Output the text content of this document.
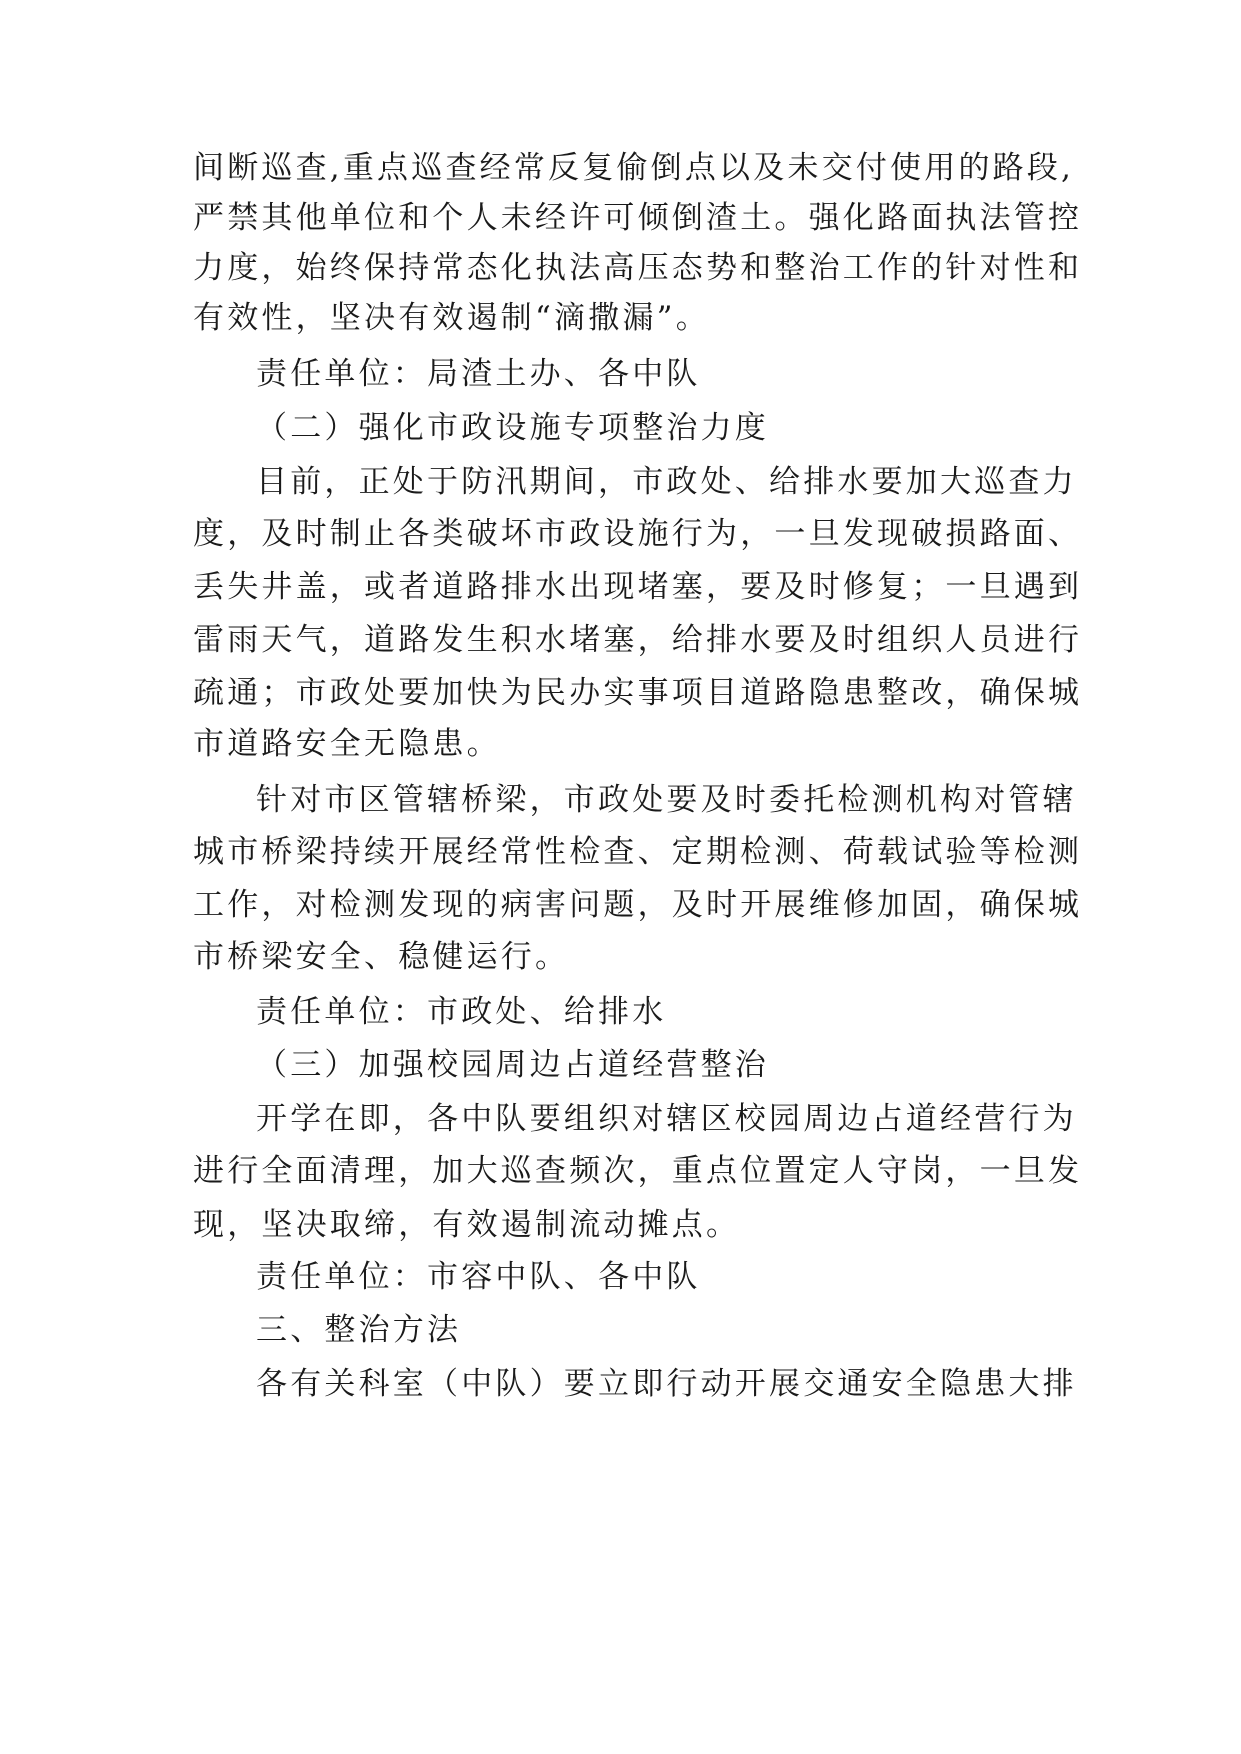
间断巡查,重点巡查经常反复偷倒点以及未交付使用的路段,
严禁其他单位和个人未经许可倾倒渣土。强化路面执法管控
力度，始终保持常态化执法高压态势和整治工作的针对性和
有效性，坚决有效遏制“滴撒漏”。
责任单位：局渣土办、各中队
（二）强化市政设施专项整治力度
目前，正处于防汛期间，市政处、给排水要加大巡查力
度，及时制止各类破坏市政设施行为，一旦发现破损路面、
丢失井盖，或者道路排水出现堵塞，要及时修复；一旦遇到
雷雨天气，道路发生积水堵塞，给排水要及时组织人员进行
疏通；市政处要加快为民办实事项目道路隐患整改，确保城
市道路安全无隐患。
针对市区管辖桥梁，市政处要及时委托检测机构对管辖
城市桥梁持续开展经常性检查、定期检测、荷载试验等检测
工作，对检测发现的病害问题，及时开展维修加固，确保城
市桥梁安全、稳健运行。
责任单位：市政处、给排水
（三）加强校园周边占道经营整治
开学在即，各中队要组织对辖区校园周边占道经营行为
进行全面清理，加大巡查频次，重点位置定人守岗，一旦发
现，坚决取缔，有效遏制流动摊点。
责任单位：市容中队、各中队
三、整治方法
各有关科室（中队）要立即行动开展交通安全隐患大排
